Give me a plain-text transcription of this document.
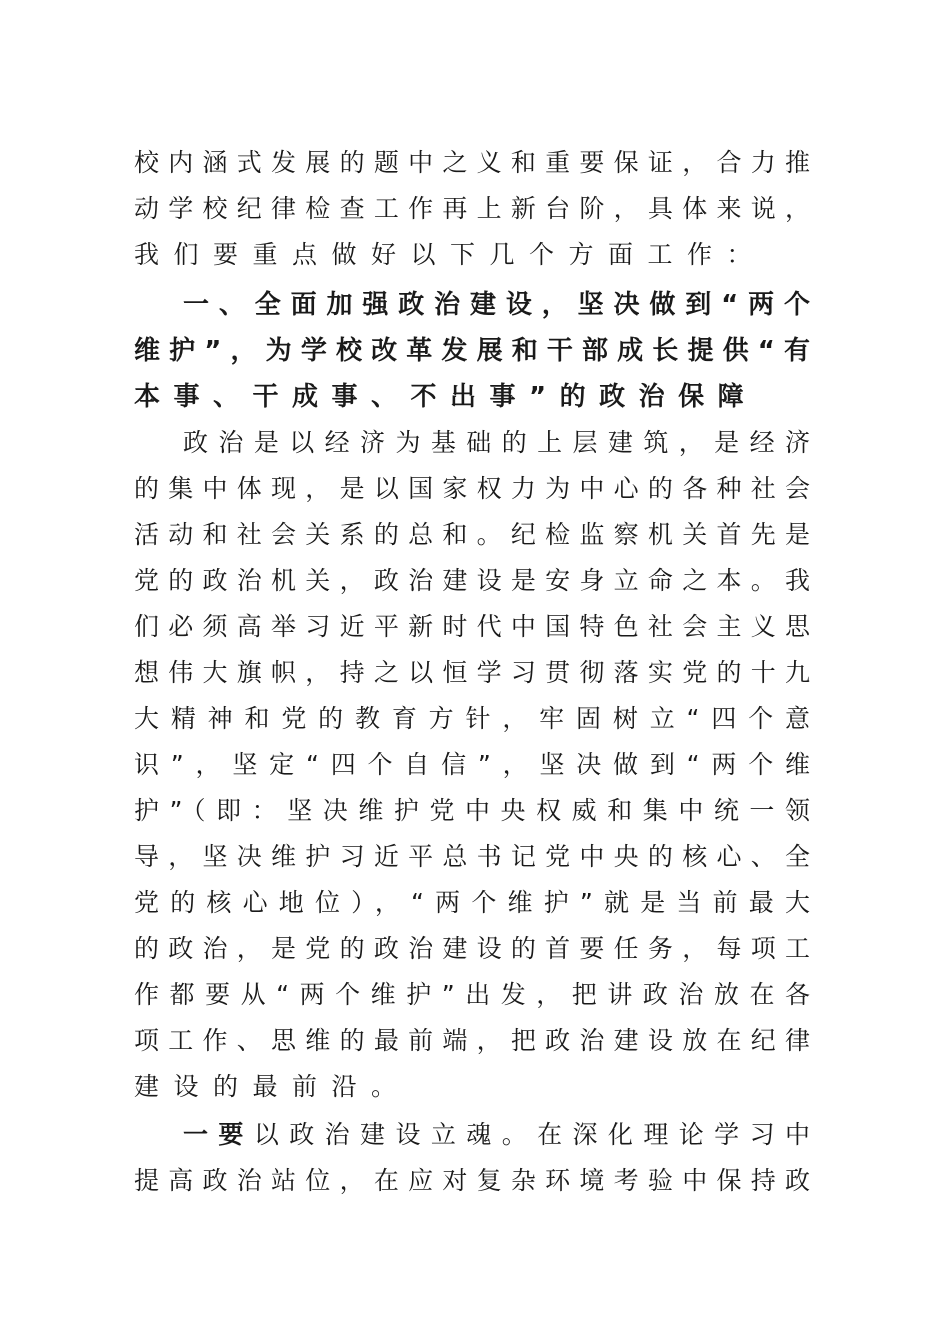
校内涵式发展的题中之义和重要保证，合力推
动学校纪律检查工作再上新台阶，具体来说，
我们要重点做好以下几个方面工作：
一、全面加强政治建设，坚决做到“两个
维护”，为学校改革发展和干部成长提供“有
本事、干成事、不出事”的政治保障
政治是以经济为基础的上层建筑，是经济
的集中体现，是以国家权力为中心的各种社会
活动和社会关系的总和。纪检监察机关首先是
党的政治机关，政治建设是安身立命之本。我
们必须高举习近平新时代中国特色社会主义思
想伟大旗帜，持之以恒学习贯彻落实党的十九
大精神和党的教育方针，牢固树立“四个意
识”，坚定“四个自信”，坚决做到“两个维
护”（即：坚决维护党中央权威和集中统一领
导，坚决维护习近平总书记党中央的核心、全
党的核心地位），“两个维护”就是当前最大
的政治，是党的政治建设的首要任务，每项工
作都要从“两个维护”出发，把讲政治放在各
项工作、思维的最前端，把政治建设放在纪律
建设的最前沿。
一要以政治建设立魂。在深化理论学习中
提高政治站位，在应对复杂环境考验中保持政
